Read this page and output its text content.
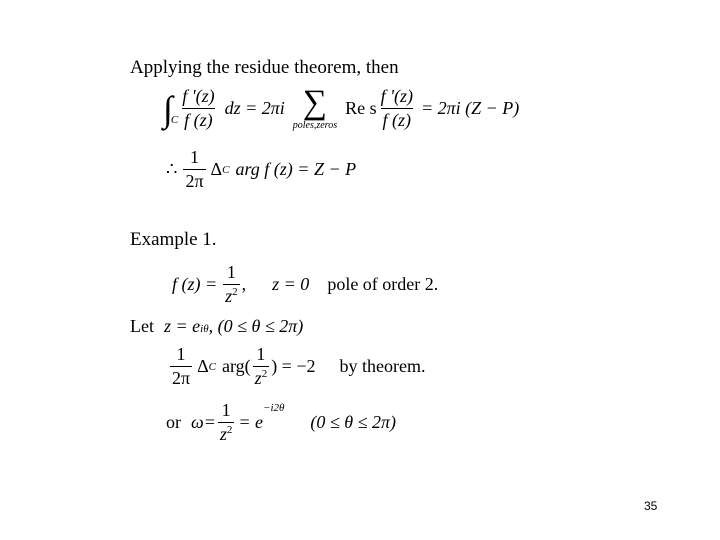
Applying the residue theorem, then
∫
C $\frac{f '(z)}{f (z)}$ dz = 2πi ∑
poles,zeros
Re s $\frac{f '(z)}{f (z)} = 2\pi i$ (Z − P)
∴ $\frac{1}{2\pi}$ Δ C arg f (z) = Z − P
Example 1.
f $(z) = \frac{1}{z^2}$ , z = 0 pole of order 2.
Let z = e iθ , (0 ≤ θ ≤ 2π)
$\frac{1}{2\pi}$ Δ C $arg( \frac{1}{z^2}$ ) = −2 by theorem.
or $\omega= \frac{1}{z^2} = e$
$^{-i2\theta}$
(0 ≤ θ ≤ 2π)
35
